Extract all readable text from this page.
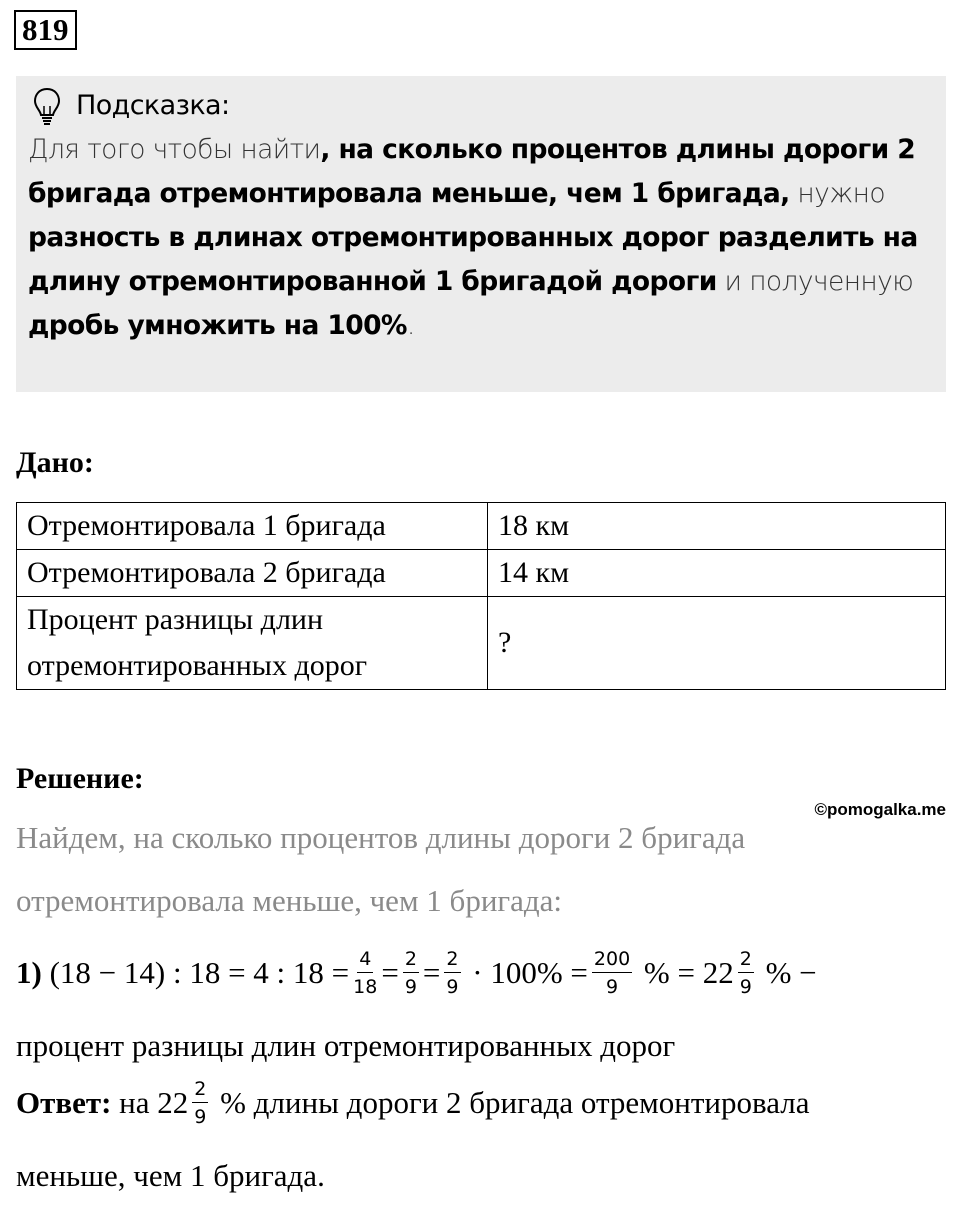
819
Подсказка:
Для того чтобы найти, на сколько процентов длины дороги 2 бригада отремонтировала меньше, чем 1 бригада, нужно разность в длинах отремонтированных дорог разделить на длину отремонтированной 1 бригадой дороги и полученную дробь умножить на 100%.
Дано:
Отремонтировала 1 бригада	18 км
Отремонтировала 2 бригада	14 км

Процент разницы длин
отремонтированных дорог	?
Решение:
©pomogalka.me
Найдем, на сколько процентов длины дороги 2 бригада
отремонтировала меньше, чем 1 бригада:
1) (18 − 14) : 18 = 4 : $18 = \frac{4}{18} = \frac{2}{9} = \frac{2}{9} \cdot 100\% = \frac{200}{9}$ % = $22 \frac{2}{9}$ % −
процент разницы длин отремонтированных дорог
Ответ: на $22 \frac{2}{9}$ % длины дороги 2 бригада отремонтировала
меньше, чем 1 бригада.
